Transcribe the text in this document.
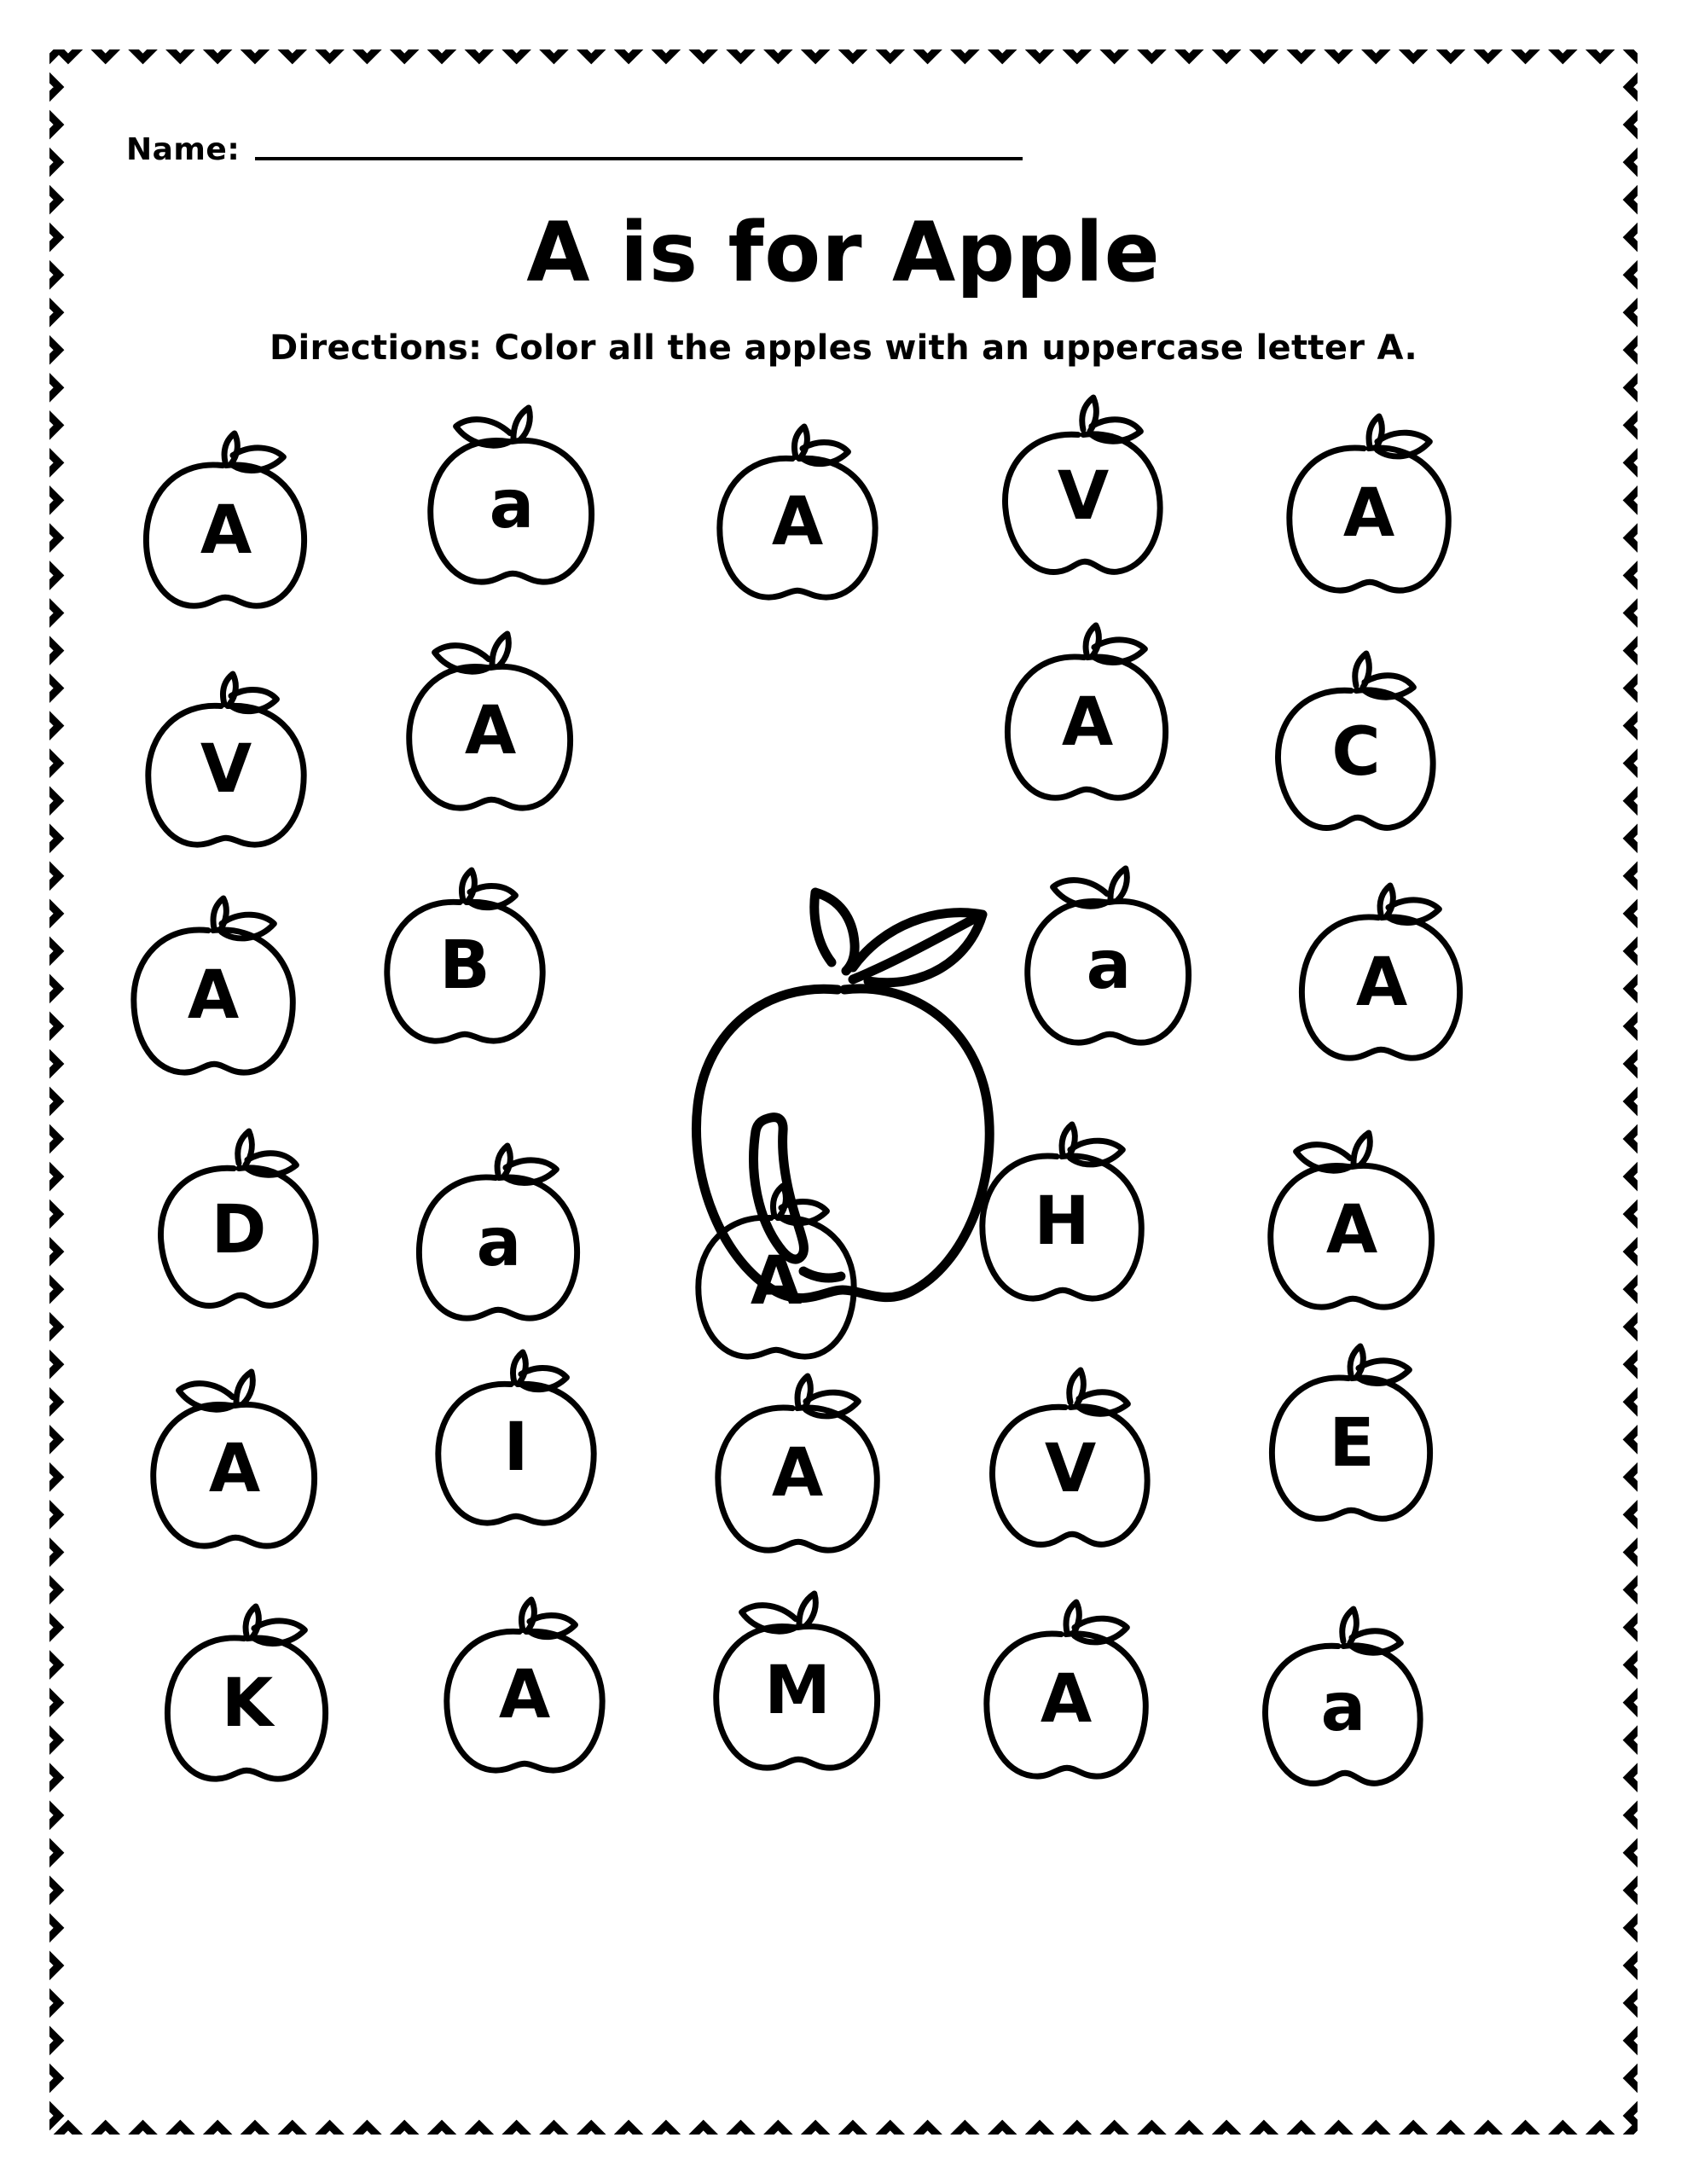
Name:
A is for Apple
Directions: Color all the apples with an uppercase letter A.
A	a	A	V	A
V	A	A	C
A	B	a	A
D	a	A
H	A
A	I	A	V	E
K	A	M	A	a
